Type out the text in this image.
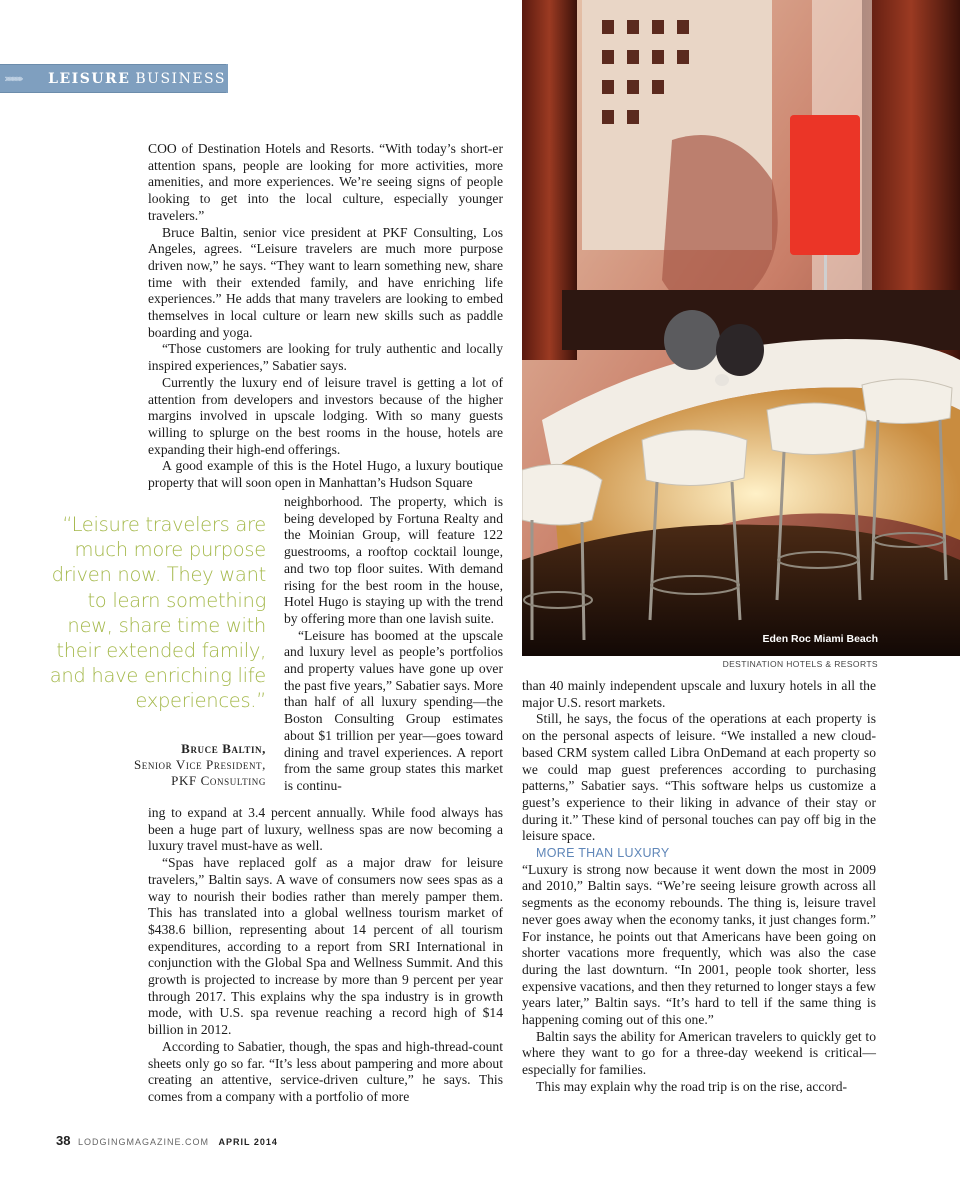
››››››››››››	LEISURE BUSINESS
Eden Roc Miami Beach
DESTINATION HOTELS & RESORTS

COO of Destination Hotels and Resorts. “With today’s short-er attention spans, people are looking for more activities, more amenities, and more experiences. We’re seeing signs of people looking to get into the local culture, especially younger travelers.”

Bruce Baltin, senior vice president at PKF Consulting, Los Angeles, agrees. “Leisure travelers are much more purpose driven now,” he says. “They want to learn something new, share time with their extended family, and have enriching life experiences.” He adds that many travelers are looking to embed themselves in local culture or learn new skills such as paddle boarding and yoga.

“Those customers are looking for truly authentic and locally inspired experiences,” Sabatier says.

Currently the luxury end of leisure travel is getting a lot of attention from developers and investors because of the higher margins involved in upscale lodging. With so many guests willing to splurge on the best rooms in the house, hotels are expanding their high-end offerings.

A good example of this is the Hotel Hugo, a luxury boutique property that will soon open in Manhattan’s Hudson Square

“Leisure travelers are much more purpose driven now. They want to learn something new, share time with their extended family, and have enriching life experiences.”
Bruce Baltin,
Senior Vice President,
PKF Consulting

neighborhood. The property, which is being developed by Fortuna Realty and the Moinian Group, will feature 122 guestrooms, a rooftop cocktail lounge, and two top floor suites. With demand rising for the best room in the house, Hotel Hugo is staying up with the trend by offering more than one lavish suite.

“Leisure has boomed at the upscale and luxury level as people’s portfolios and property values have gone up over the past five years,” Sabatier says. More than half of all luxury spending—the Boston Consulting Group estimates about $1 trillion per year—goes toward dining and travel experiences. A report from the same group states this market is continu-

ing to expand at 3.4 percent annually. While food always has been a huge part of luxury, wellness spas are now becoming a luxury travel must-have as well.

“Spas have replaced golf as a major draw for leisure travelers,” Baltin says. A wave of consumers now sees spas as a way to nourish their bodies rather than merely pamper them. This has translated into a global wellness tourism market of $438.6 billion, representing about 14 percent of all tourism expenditures, according to a report from SRI International in conjunction with the Global Spa and Wellness Summit. And this growth is projected to increase by more than 9 percent per year through 2017. This explains why the spa industry is in growth mode, with U.S. spa revenue reaching a record high of $14 billion in 2012.

According to Sabatier, though, the spas and high-thread-count sheets only go so far. “It’s less about pampering and more about creating an attentive, service-driven culture,” he says. This comes from a company with a portfolio of more

than 40 mainly independent upscale and luxury hotels in all the major U.S. resort markets.

Still, he says, the focus of the operations at each property is on the personal aspects of leisure. “We installed a new cloud-based CRM system called Libra OnDemand at each property so we could map guest preferences according to purchasing patterns,” Sabatier says. “This software helps us customize a guest’s experience to their liking in advance of their stay or during it.” These kind of personal touches can pay off big in the leisure space.

MORE THAN LUXURY

“Luxury is strong now because it went down the most in 2009 and 2010,” Baltin says. “We’re seeing leisure growth across all segments as the economy rebounds. The thing is, leisure travel never goes away when the economy tanks, it just changes form.” For instance, he points out that Americans have been going on shorter vacations more frequently, which was also the case during the last downturn. “In 2001, people took shorter, less expensive vacations, and then they returned to longer stays a few years later,” Baltin says. “It’s hard to tell if the same thing is happening coming out of this one.”

Baltin says the ability for American travelers to quickly get to where they want to go for a three-day weekend is critical—especially for families.

This may explain why the road trip is on the rise, accord-

38 LODGINGMAGAZINE.COM APRIL 2014
